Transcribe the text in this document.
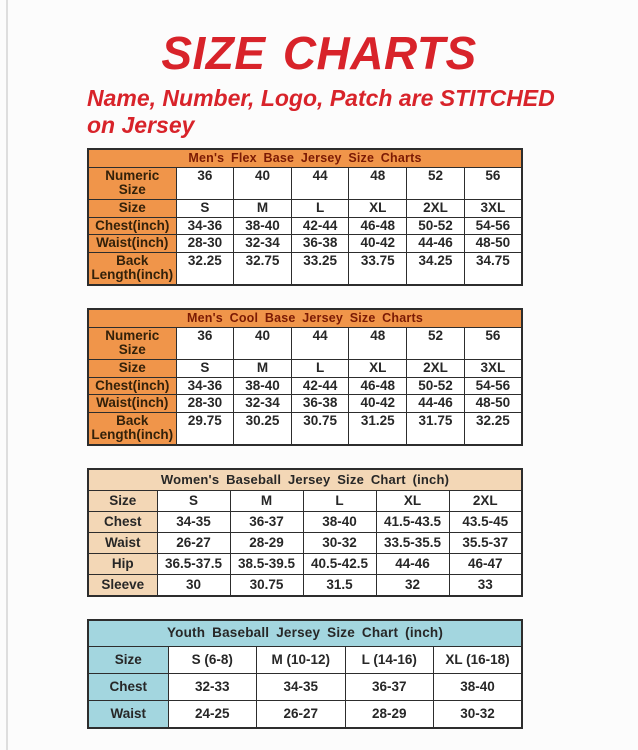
SIZE CHARTS
Name, Number, Logo, Patch are STITCHED
on Jersey
Men's Flex Base Jersey Size Charts						
Numeric Size	36	40	44	48	52	56
Size	S	M	L	XL	2XL	3XL
Chest(inch)	34-36	38-40	42-44	46-48	50-52	54-56
Waist(inch)	28-30	32-34	36-38	40-42	44-46	48-50
Back Length(inch)	32.25	32.75	33.25	33.75	34.25	34.75
Men's Cool Base Jersey Size Charts						
Numeric Size	36	40	44	48	52	56
Size	S	M	L	XL	2XL	3XL
Chest(inch)	34-36	38-40	42-44	46-48	50-52	54-56
Waist(inch)	28-30	32-34	36-38	40-42	44-46	48-50
Back Length(inch)	29.75	30.25	30.75	31.25	31.75	32.25
Women's Baseball Jersey Size Chart (inch)					
Size	S	M	L	XL	2XL
Chest	34-35	36-37	38-40	41.5-43.5	43.5-45
Waist	26-27	28-29	30-32	33.5-35.5	35.5-37
Hip	36.5-37.5	38.5-39.5	40.5-42.5	44-46	46-47
Sleeve	30	30.75	31.5	32	33
Youth Baseball Jersey Size Chart (inch)				
Size	S (6-8)	M (10-12)	L (14-16)	XL (16-18)
Chest	32-33	34-35	36-37	38-40
Waist	24-25	26-27	28-29	30-32
